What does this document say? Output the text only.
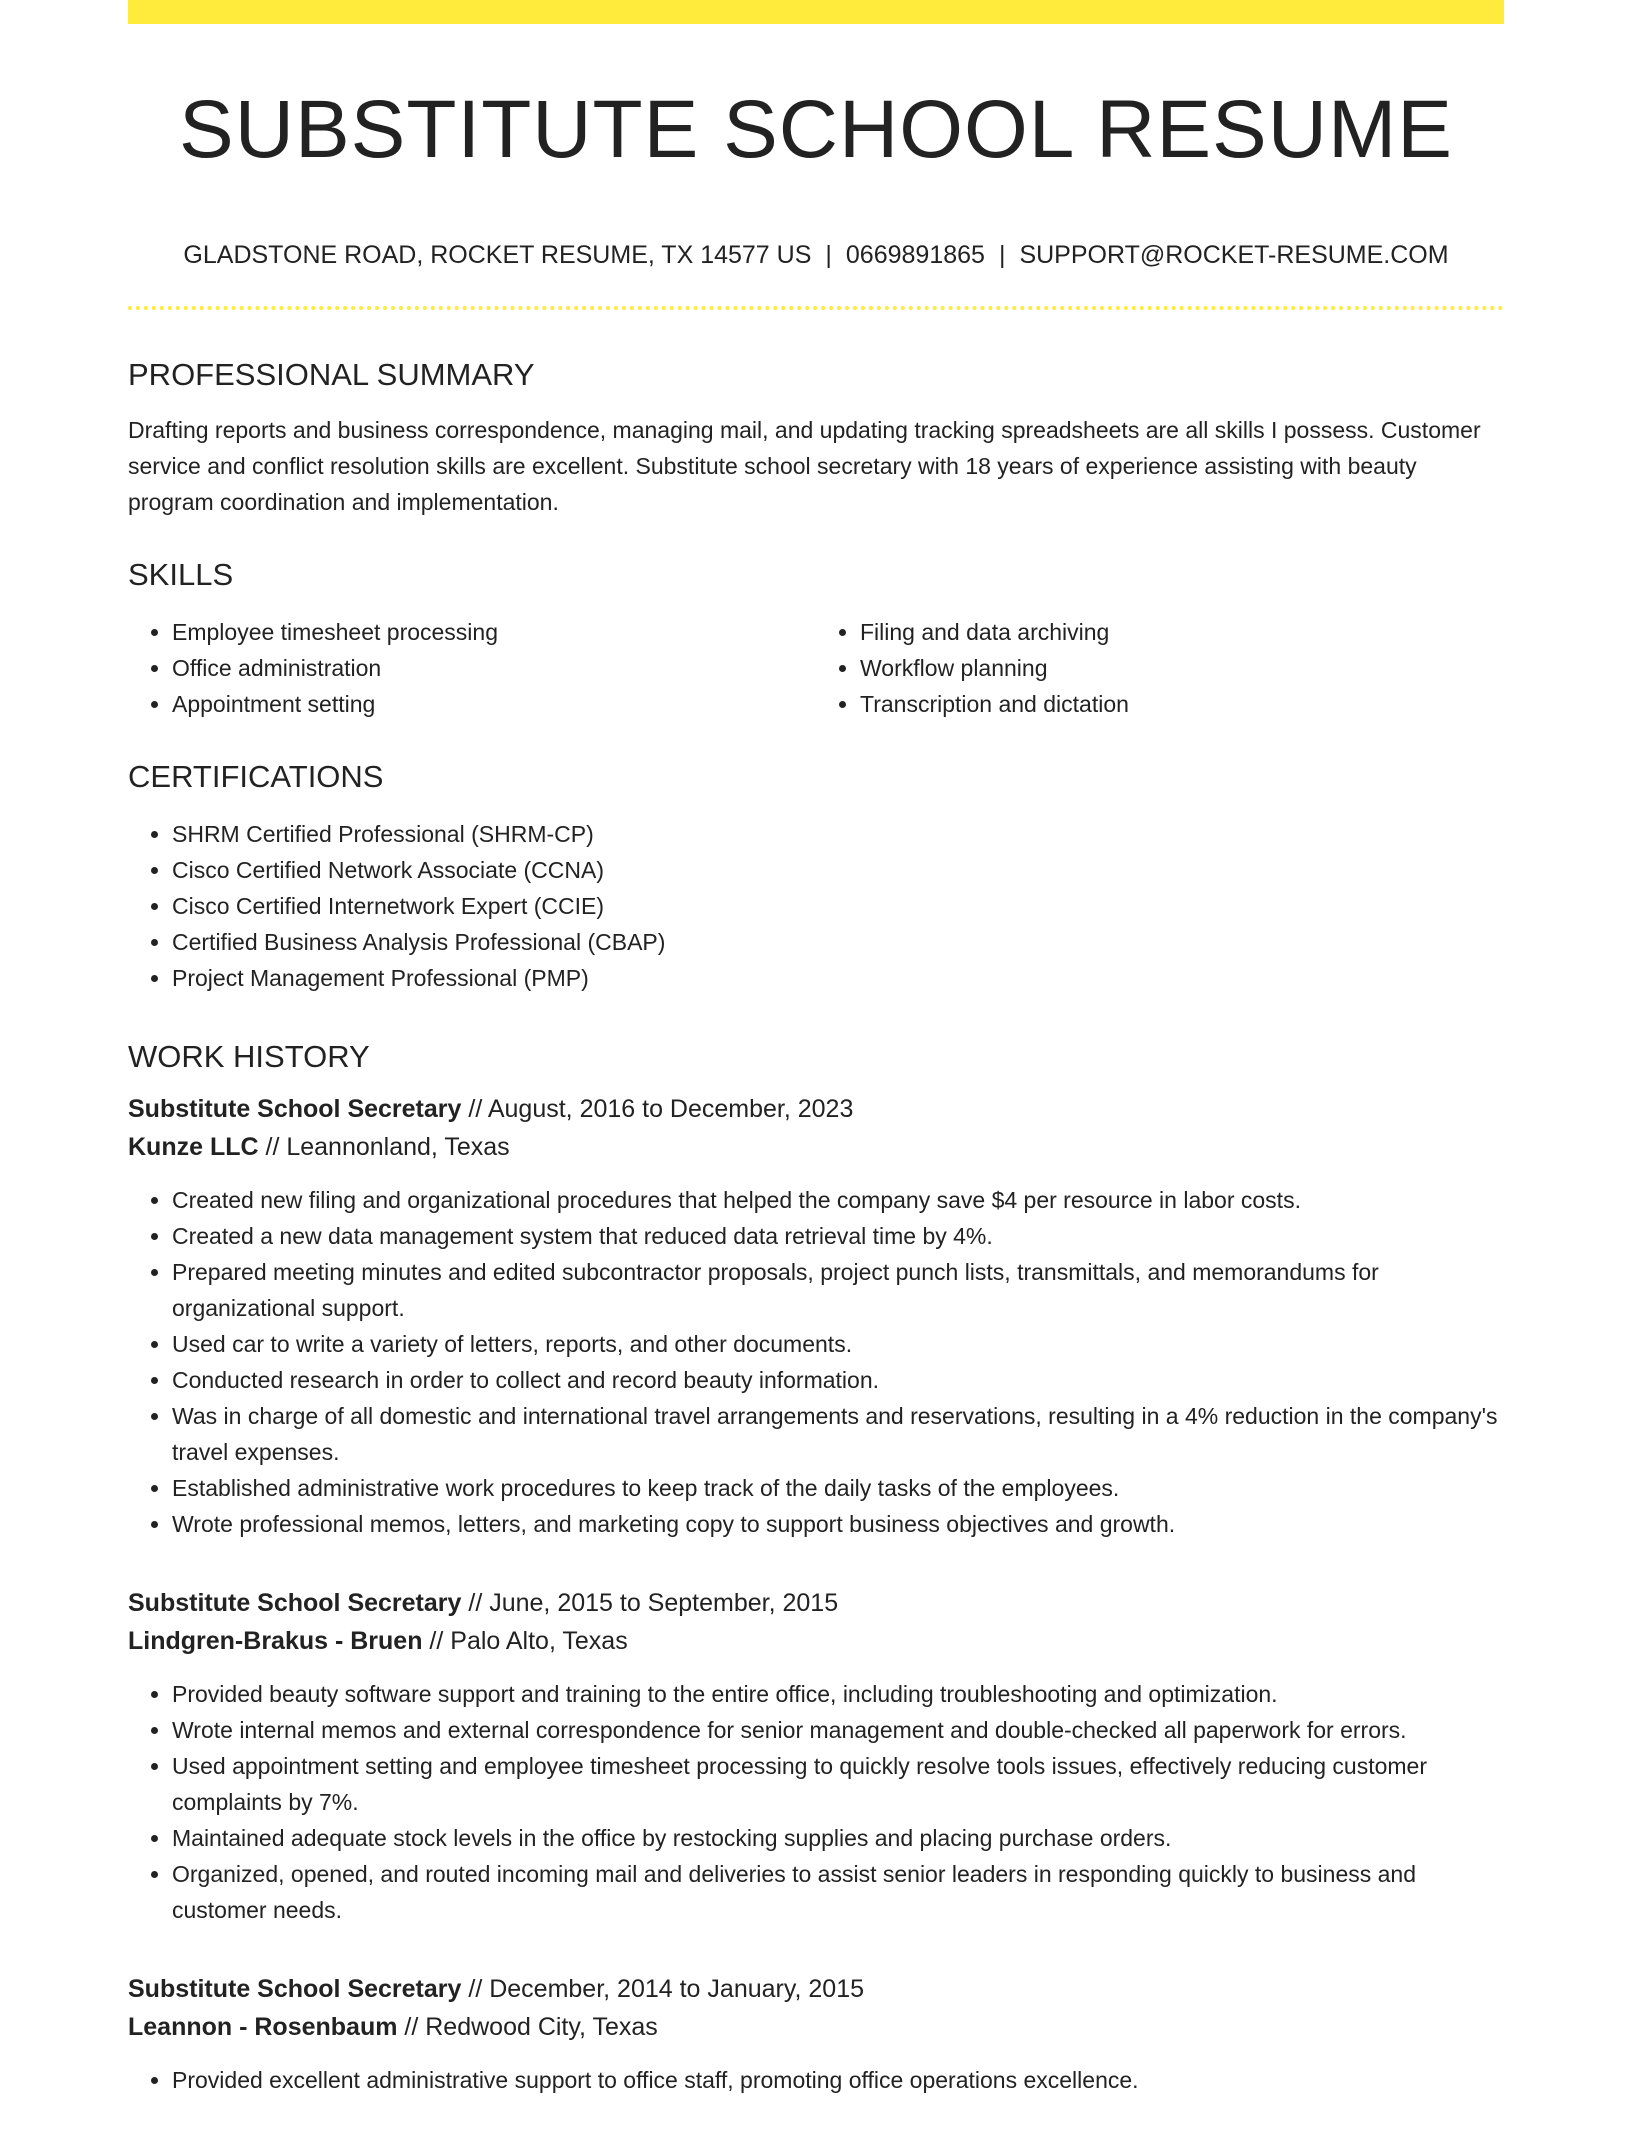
SUBSTITUTE SCHOOL RESUME
GLADSTONE ROAD, ROCKET RESUME, TX 14577 US | 0669891865 | SUPPORT@ROCKET-RESUME.COM
PROFESSIONAL SUMMARY

Drafting reports and business correspondence, managing mail, and updating tracking spreadsheets are all skills I possess. Customer service and conflict resolution skills are excellent. Substitute school secretary with 18 years of experience assisting with beauty program coordination and implementation.

SKILLS
• Employee timesheet processing
• Office administration
• Appointment setting
• Filing and data archiving
• Workflow planning
• Transcription and dictation
CERTIFICATIONS
• SHRM Certified Professional (SHRM-CP)
• Cisco Certified Network Associate (CCNA)
• Cisco Certified Internetwork Expert (CCIE)
• Certified Business Analysis Professional (CBAP)
• Project Management Professional (PMP)
WORK HISTORY
Substitute School Secretary // August, 2016 to December, 2023
Kunze LLC // Leannonland, Texas
• Created new filing and organizational procedures that helped the company save $4 per resource in labor costs.
• Created a new data management system that reduced data retrieval time by 4%.
• Prepared meeting minutes and edited subcontractor proposals, project punch lists, transmittals, and memorandums for organizational support.
• Used car to write a variety of letters, reports, and other documents.
• Conducted research in order to collect and record beauty information.
• Was in charge of all domestic and international travel arrangements and reservations, resulting in a 4% reduction in the company's travel expenses.
• Established administrative work procedures to keep track of the daily tasks of the employees.
• Wrote professional memos, letters, and marketing copy to support business objectives and growth.
Substitute School Secretary // June, 2015 to September, 2015
Lindgren-Brakus - Bruen // Palo Alto, Texas
• Provided beauty software support and training to the entire office, including troubleshooting and optimization.
• Wrote internal memos and external correspondence for senior management and double-checked all paperwork for errors.
• Used appointment setting and employee timesheet processing to quickly resolve tools issues, effectively reducing customer complaints by 7%.
• Maintained adequate stock levels in the office by restocking supplies and placing purchase orders.
• Organized, opened, and routed incoming mail and deliveries to assist senior leaders in responding quickly to business and customer needs.
Substitute School Secretary // December, 2014 to January, 2015
Leannon - Rosenbaum // Redwood City, Texas
• Provided excellent administrative support to office staff, promoting office operations excellence.
